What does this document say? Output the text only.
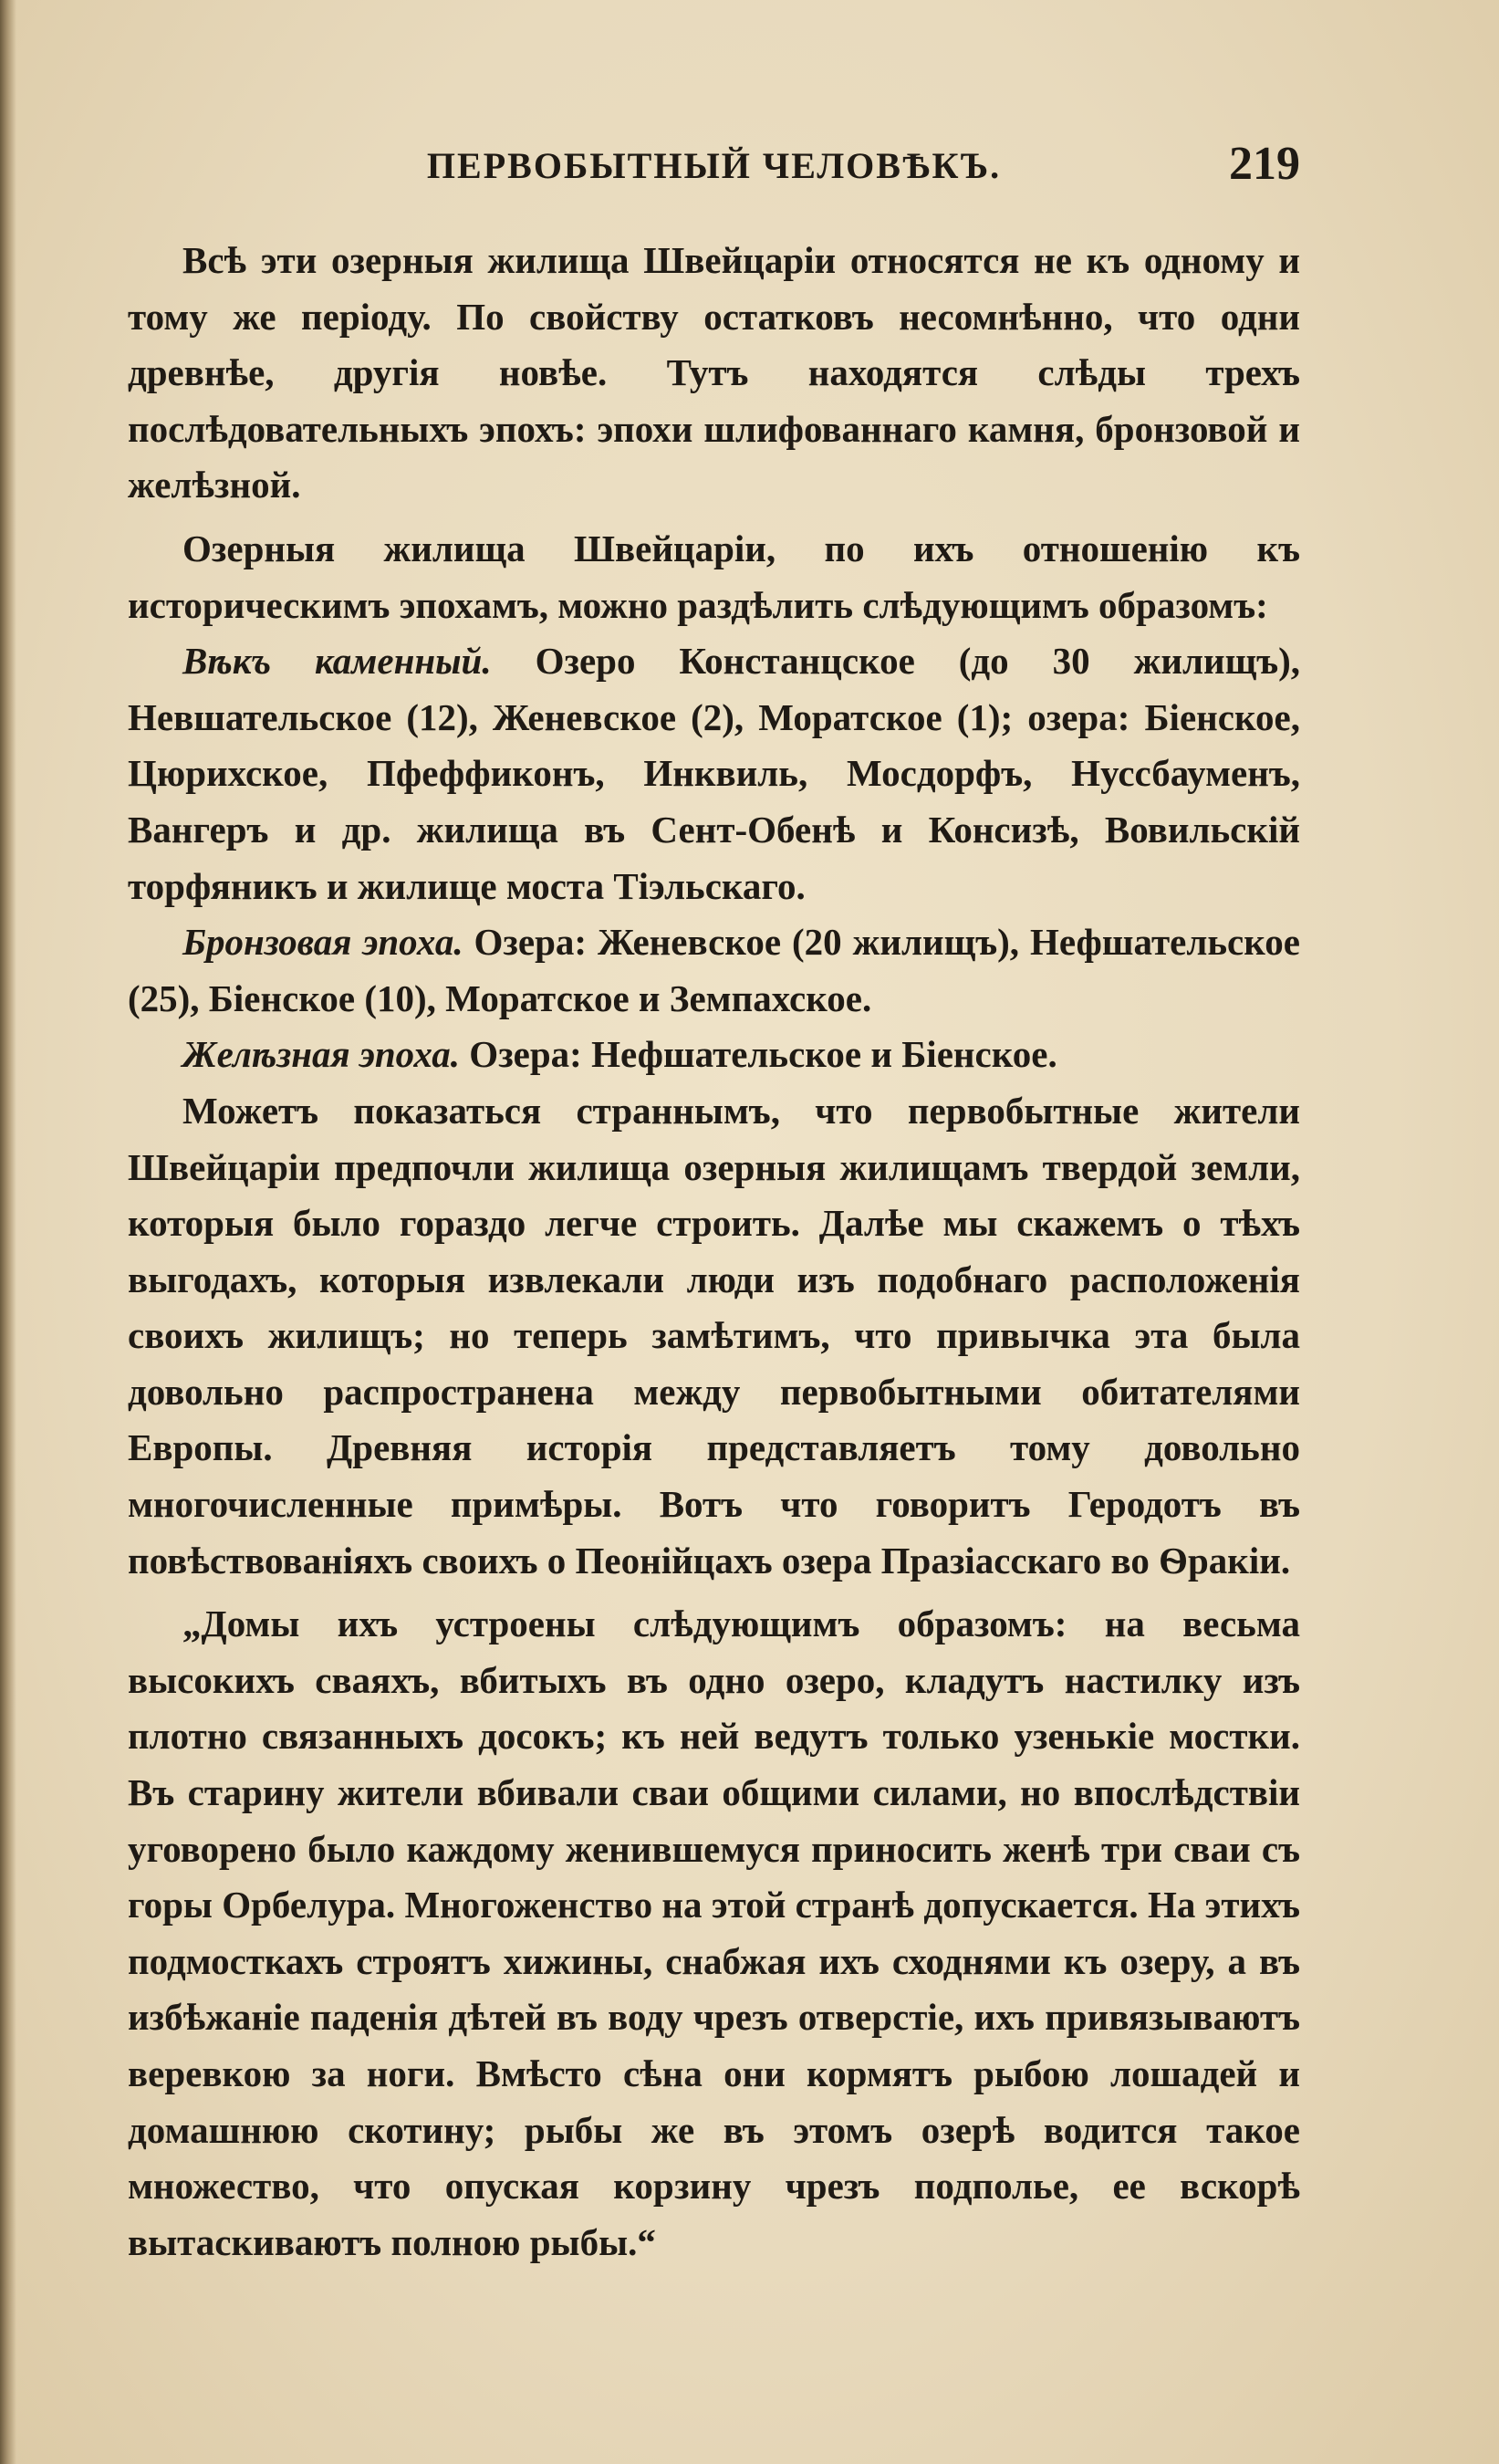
ПЕРВОБЫТНЫЙ ЧЕЛОВѢКЪ.	219

Всѣ эти озерныя жилища Швейцаріи относятся не къ одному и тому же періоду. По свойству остатковъ несомнѣнно, что одни древнѣе, другія новѣе. Тутъ находятся слѣды трехъ послѣдовательныхъ эпохъ: эпохи шлифованнаго камня, бронзовой и желѣзной.

Озерныя жилища Швейцаріи, по ихъ отношенію къ историческимъ эпохамъ, можно раздѣлить слѣдующимъ образомъ:

Вѣкъ каменный. Озеро Констанцское (до 30 жилищъ), Невшательское (12), Женевское (2), Моратское (1); озера: Біенское, Цюрихское, Пфеффиконъ, Инквиль, Мосдорфъ, Нуссбауменъ, Вангеръ и др. жилища въ Сент-Обенѣ и Консизѣ, Вовильскій торфяникъ и жилище моста Тіэльскаго.

Бронзовая эпоха. Озера: Женевское (20 жилищъ), Нефшательское (25), Біенское (10), Моратское и Земпахское.

Желѣзная эпоха. Озера: Нефшательское и Біенское.

Можетъ показаться страннымъ, что первобытные жители Швейцаріи предпочли жилища озерныя жилищамъ твердой земли, которыя было гораздо легче строить. Далѣе мы скажемъ о тѣхъ выгодахъ, которыя извлекали люди изъ подобнаго расположенія своихъ жилищъ; но теперь замѣтимъ, что привычка эта была довольно распространена между первобытными обитателями Европы. Древняя исторія представляетъ тому довольно многочисленные примѣры. Вотъ что говоритъ Геродотъ въ повѣствованіяхъ своихъ о Пеонійцахъ озера Празіасскаго во Ѳракіи.

„Домы ихъ устроены слѣдующимъ образомъ: на весьма высокихъ сваяхъ, вбитыхъ въ одно озеро, кладутъ настилку изъ плотно связанныхъ досокъ; къ ней ведутъ только узенькіе мостки. Въ старину жители вбивали сваи общими силами, но впослѣдствіи уговорено было каждому женившемуся приносить женѣ три сваи съ горы Орбелура. Многоженство на этой странѣ допускается. На этихъ подмосткахъ строятъ хижины, снабжая ихъ сходнями къ озеру, а въ избѣжаніе паденія дѣтей въ воду чрезъ отверстіе, ихъ привязываютъ веревкою за ноги. Вмѣсто сѣна они кормятъ рыбою лошадей и домашнюю скотину; рыбы же въ этомъ озерѣ водится такое множество, что опуская корзину чрезъ подполье, ее вскорѣ вытаскиваютъ полною рыбы.“
